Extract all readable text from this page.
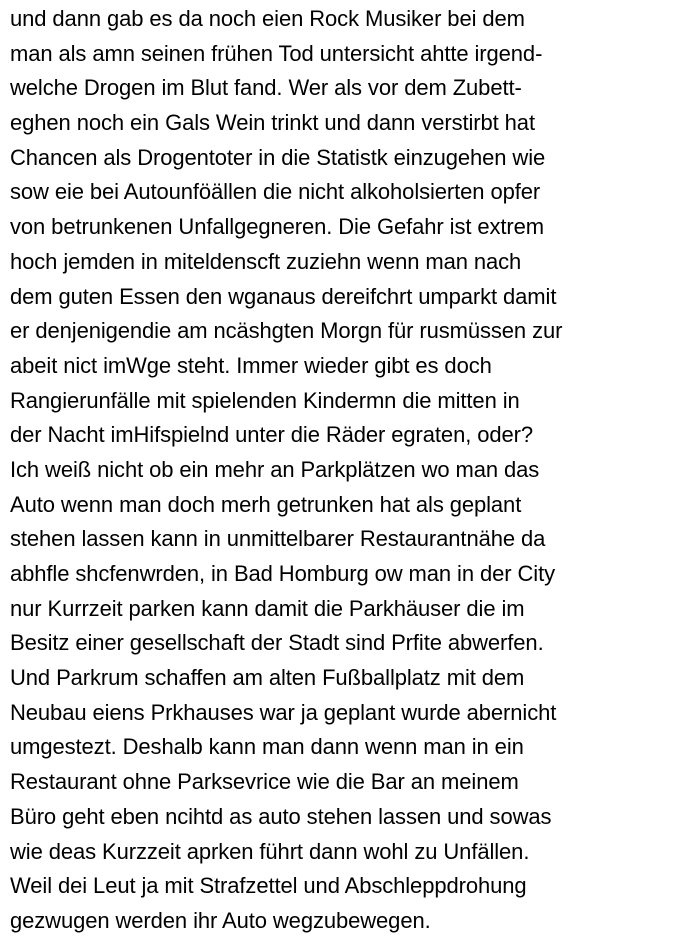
und dann gab es da noch eien Rock Musiker bei dem
man als amn seinen frühen Tod untersicht ahtte irgend-
welche Drogen im Blut fand. Wer als vor dem Zubett-
eghen noch ein Gals Wein trinkt und dann verstirbt hat
Chancen als Drogentoter in die Statistk einzugehen wie
sow eie bei Autounföällen die nicht alkoholsierten opfer
von betrunkenen Unfallgegneren. Die Gefahr ist extrem
hoch jemden in miteldenscft zuziehn wenn man nach
dem guten Essen den wganaus dereifchrt umparkt damit
er denjenigendie am ncäshgten Morgn für rusmüssen zur
abeit nict imWge steht. Immer wieder gibt es doch
Rangierunfälle mit spielenden Kindermn die mitten in
der Nacht imHifspielnd unter die Räder egraten, oder?
Ich weiß nicht ob ein mehr an Parkplätzen wo man das
Auto wenn man doch merh getrunken hat als geplant
stehen lassen kann in unmittelbarer Restaurantnähe da
abhfle shcfenwrden, in Bad Homburg ow man in der City
nur Kurrzeit parken kann damit die Parkhäuser die im
Besitz einer gesellschaft der Stadt sind Prfite abwerfen.
Und Parkrum schaffen am alten Fußballplatz mit dem
Neubau eiens Prkhauses war ja geplant wurde abernicht
umgestezt. Deshalb kann man dann wenn man in ein
Restaurant ohne Parksevrice wie die Bar an meinem
Büro geht eben ncihtd as auto stehen lassen und sowas
wie deas Kurzzeit aprken führt dann wohl zu Unfällen.
Weil dei Leut ja mit Strafzettel und Abschleppdrohung
gezwugen werden ihr Auto wegzubewegen.
